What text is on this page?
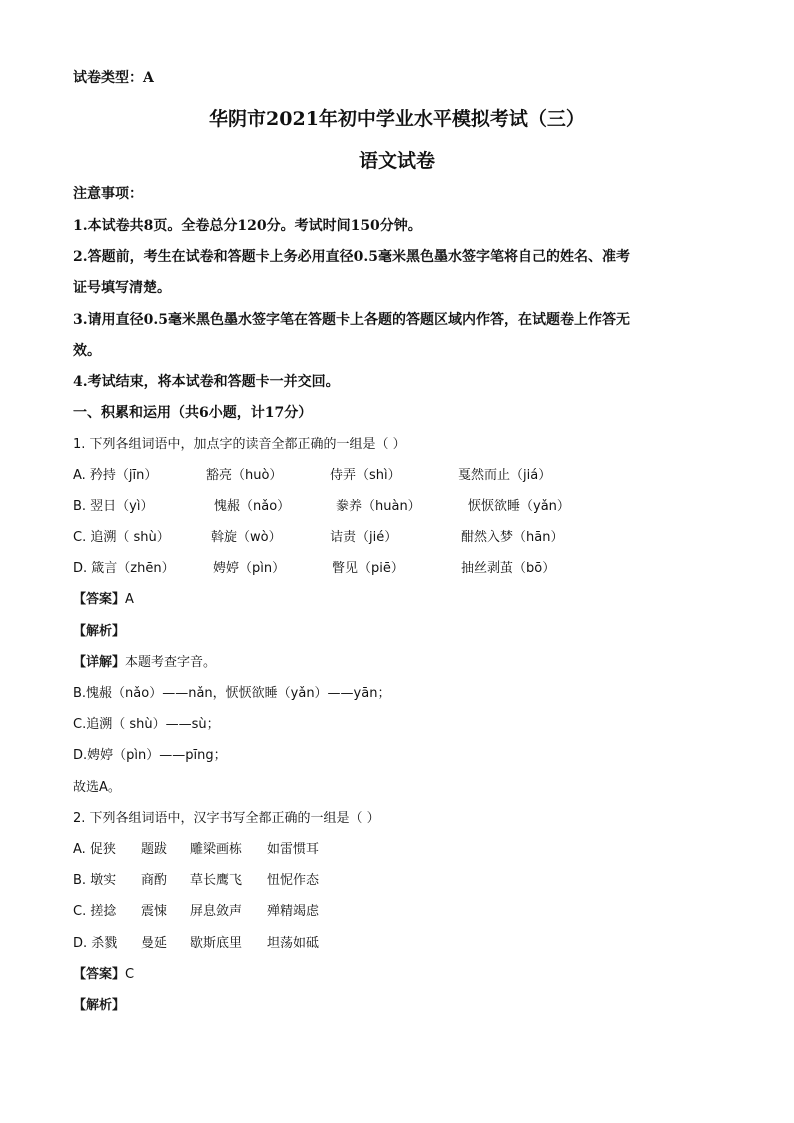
试卷类型：A
华阴市2021年初中学业水平模拟考试（三）
语文试卷
注意事项：
1.本试卷共8页。全卷总分120分。考试时间150分钟。
2.答题前，考生在试卷和答题卡上务必用直径0.5毫米黑色墨水签字笔将自己的姓名、准考
证号填写清楚。
3.请用直径0.5毫米黑色墨水签字笔在答题卡上各题的答题区域内作答，在试题卷上作答无
效。
4.考试结束，将本试卷和答题卡一并交回。
一、积累和运用（共6小题，计17分）
1. 下列各组词语中，加点字的读音全都正确的一组是（ ）
A. 矜持（jīn）	豁亮（huò）	侍弄（shì）	戛然而止（jiá）
B. 翌日（yì）	愧赧（nǎo）	豢养（huàn）	恹恹欲睡（yǎn）
C. 追溯（ shù）	斡旋（wò）	诘责（jié）	酣然入梦（hān）
D. 箴言（zhēn）	娉婷（pìn）	瞥见（piē）	抽丝剥茧（bō）
【答案】A
【解析】
【详解】本题考查字音。
B.愧赧（nǎo）——nǎn，恹恹欲睡（yǎn）——yān；
C.追溯（ shù）——sù；
D.娉婷（pìn）——pīng；
故选A。
2. 下列各组词语中，汉字书写全都正确的一组是（ ）
A. 促狭 题跋 雕梁画栋 如雷惯耳
B. 墩实 商酌 草长鹰飞 忸怩作态
C. 搓捻 震悚 屏息敛声 殚精竭虑
D. 杀戮 曼延 歇斯底里 坦荡如砥
【答案】C
【解析】
